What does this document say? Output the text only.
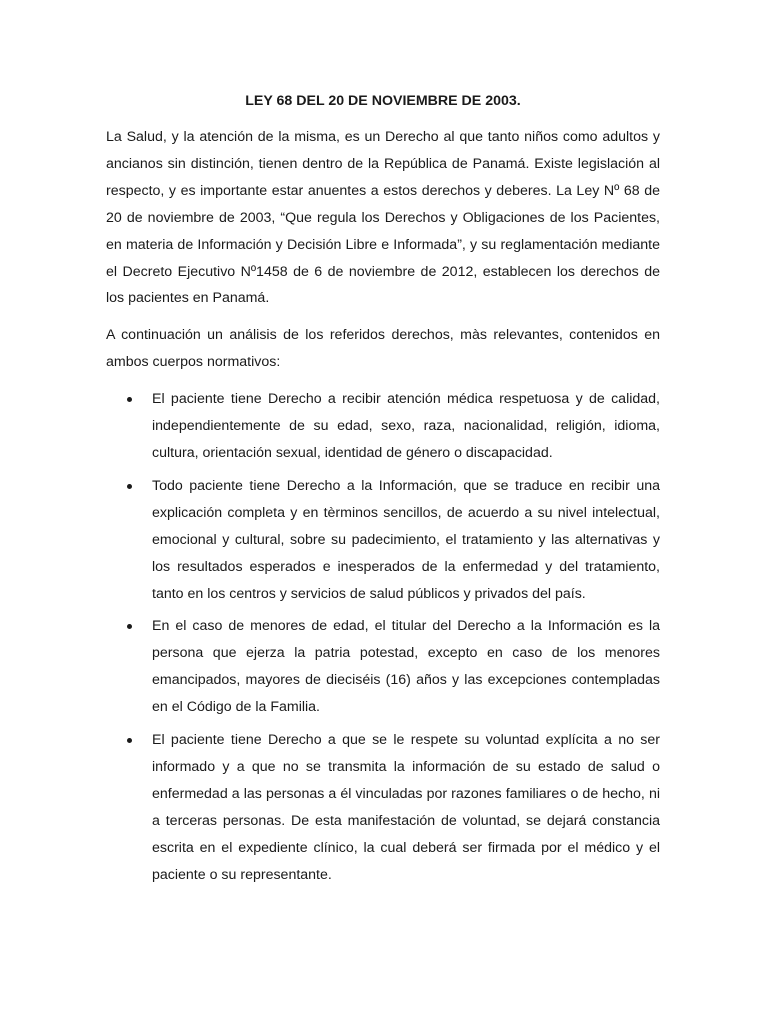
LEY 68 DEL 20 DE NOVIEMBRE DE 2003.

La Salud, y la atención de la misma, es un Derecho al que tanto niños como adultos y ancianos sin distinción, tienen dentro de la República de Panamá. Existe legislación al respecto, y es importante estar anuentes a estos derechos y deberes. La Ley Nº 68 de 20 de noviembre de 2003, “Que regula los Derechos y Obligaciones de los Pacientes, en materia de Información y Decisión Libre e Informada”, y su reglamentación mediante el Decreto Ejecutivo Nº1458 de 6 de noviembre de 2012, establecen los derechos de los pacientes en Panamá.

A continuación un análisis de los referidos derechos, màs relevantes, contenidos en ambos cuerpos normativos:

El paciente tiene Derecho a recibir atención médica respetuosa y de calidad, independientemente de su edad, sexo, raza, nacionalidad, religión, idioma, cultura, orientación sexual, identidad de género o discapacidad.
Todo paciente tiene Derecho a la Información, que se traduce en recibir una explicación completa y en tèrminos sencillos, de acuerdo a su nivel intelectual, emocional y cultural, sobre su padecimiento, el tratamiento y las alternativas y los resultados esperados e inesperados de la enfermedad y del tratamiento, tanto en los centros y servicios de salud públicos y privados del país.
En el caso de menores de edad, el titular del Derecho a la Información es la persona que ejerza la patria potestad, excepto en caso de los menores emancipados, mayores de dieciséis (16) años y las excepciones contempladas en el Código de la Familia.
El paciente tiene Derecho a que se le respete su voluntad explícita a no ser informado y a que no se transmita la información de su estado de salud o enfermedad a las personas a él vinculadas por razones familiares o de hecho, ni a terceras personas. De esta manifestación de voluntad, se dejará constancia escrita en el expediente clínico, la cual deberá ser firmada por el médico y el paciente o su representante.
